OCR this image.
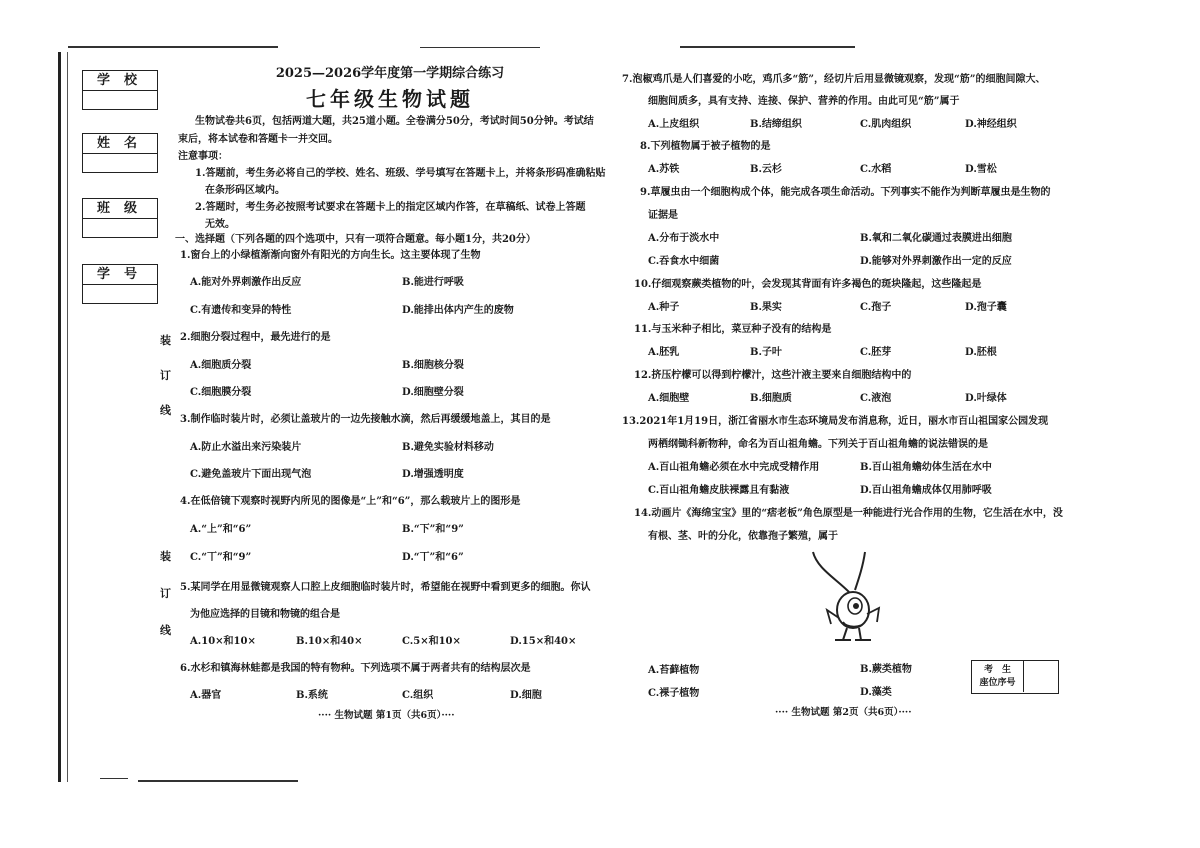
学校
姓名
班级
学号
装
订
线
装
订
线
2025—2026学年度第一学期综合练习
七年级生物试题
生物试卷共6页，包括两道大题，共25道小题。全卷满分50分，考试时间50分钟。考试结
束后，将本试卷和答题卡一并交回。
注意事项：
1.答题前，考生务必将自己的学校、姓名、班级、学号填写在答题卡上，并将条形码准确粘贴
在条形码区域内。
2.答题时，考生务必按照考试要求在答题卡上的指定区域内作答，在草稿纸、试卷上答题
无效。
一、选择题（下列各题的四个选项中，只有一项符合题意。每小题1分，共20分）
1.窗台上的小绿植渐渐向窗外有阳光的方向生长。这主要体现了生物
A.能对外界刺激作出反应	B.能进行呼吸
C.有遗传和变异的特性	D.能排出体内产生的废物
2.细胞分裂过程中，最先进行的是
A.细胞质分裂	B.细胞核分裂
C.细胞膜分裂	D.细胞壁分裂
3.制作临时装片时，必须让盖玻片的一边先接触水滴，然后再缓缓地盖上，其目的是
A.防止水溢出来污染装片	B.避免实验材料移动
C.避免盖玻片下面出现气泡	D.增强透明度
4.在低倍镜下观察时视野内所见的图像是“上”和“6”，那么载玻片上的图形是
A.“上”和“6”	B.“下”和“9”
C.“丅”和“9”	D.“丅”和“6”
5.某同学在用显微镜观察人口腔上皮细胞临时装片时，希望能在视野中看到更多的细胞。你认
为他应选择的目镜和物镜的组合是
A.10×和10×	B.10×和40×	C.5×和10×	D.15×和40×
6.水杉和镇海林蛙都是我国的特有物种。下列选项不属于两者共有的结构层次是
A.器官	B.系统	C.组织	D.细胞
···· 生物试题 第1页（共6页）····
7.泡椒鸡爪是人们喜爱的小吃，鸡爪多“筋”，经切片后用显微镜观察，发现“筋”的细胞间隙大、
细胞间质多，具有支持、连接、保护、营养的作用。由此可见“筋”属于
A.上皮组织	B.结缔组织	C.肌肉组织	D.神经组织
8.下列植物属于被子植物的是
A.苏铁	B.云杉	C.水稻	D.雪松
9.草履虫由一个细胞构成个体，能完成各项生命活动。下列事实不能作为判断草履虫是生物的
证据是
A.分布于淡水中	B.氧和二氧化碳通过表膜进出细胞
C.吞食水中细菌	D.能够对外界刺激作出一定的反应
10.仔细观察蕨类植物的叶，会发现其背面有许多褐色的斑块隆起，这些隆起是
A.种子	B.果实	C.孢子	D.孢子囊
11.与玉米种子相比，菜豆种子没有的结构是
A.胚乳	B.子叶	C.胚芽	D.胚根
12.挤压柠檬可以得到柠檬汁，这些汁液主要来自细胞结构中的
A.细胞壁	B.细胞质	C.液泡	D.叶绿体
13.2021年1月19日，浙江省丽水市生态环境局发布消息称，近日，丽水市百山祖国家公园发现
两栖纲锄科新物种，命名为百山祖角蟾。下列关于百山祖角蟾的说法错误的是
A.百山祖角蟾必须在水中完成受精作用	B.百山祖角蟾幼体生活在水中
C.百山祖角蟾皮肤裸露且有黏液	D.百山祖角蟾成体仅用肺呼吸
14.动画片《海绵宝宝》里的“痞老板”角色原型是一种能进行光合作用的生物，它生活在水中，没
有根、茎、叶的分化，依靠孢子繁殖，属于
A.苔藓植物	B.蕨类植物
C.裸子植物	D.藻类
考　生
座位序号
···· 生物试题 第2页（共6页）····
